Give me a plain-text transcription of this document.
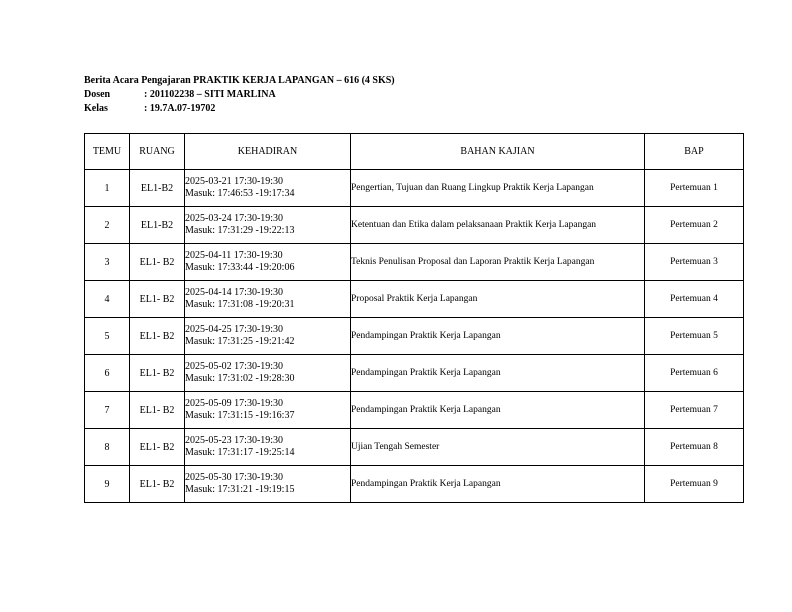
Berita Acara Pengajaran PRAKTIK KERJA LAPANGAN – 616 (4 SKS)
Dosen	: 201102238 – SITI MARLINA
Kelas	: 19.7A.07-19702
TEMU	RUANG	KEHADIRAN	BAHAN KAJIAN	BAP
1	EL1-B2	2025-03-21 17:30-19:30
Masuk: 17:46:53 -19:17:34	Pengertian, Tujuan dan Ruang Lingkup Praktik Kerja Lapangan	Pertemuan 1
2	EL1-B2	2025-03-24 17:30-19:30
Masuk: 17:31:29 -19:22:13	Ketentuan dan Etika dalam pelaksanaan Praktik Kerja Lapangan	Pertemuan 2
3	EL1- B2	2025-04-11 17:30-19:30
Masuk: 17:33:44 -19:20:06	Teknis Penulisan Proposal dan Laporan Praktik Kerja Lapangan	Pertemuan 3
4	EL1- B2	2025-04-14 17:30-19:30
Masuk: 17:31:08 -19:20:31	Proposal Praktik Kerja Lapangan	Pertemuan 4
5	EL1- B2	2025-04-25 17:30-19:30
Masuk: 17:31:25 -19:21:42	Pendampingan Praktik Kerja Lapangan	Pertemuan 5
6	EL1- B2	2025-05-02 17:30-19:30
Masuk: 17:31:02 -19:28:30	Pendampingan Praktik Kerja Lapangan	Pertemuan 6
7	EL1- B2	2025-05-09 17:30-19:30
Masuk: 17:31:15 -19:16:37	Pendampingan Praktik Kerja Lapangan	Pertemuan 7
8	EL1- B2	2025-05-23 17:30-19:30
Masuk: 17:31:17 -19:25:14	Ujian Tengah Semester	Pertemuan 8
9	EL1- B2	2025-05-30 17:30-19:30
Masuk: 17:31:21 -19:19:15	Pendampingan Praktik Kerja Lapangan	Pertemuan 9
